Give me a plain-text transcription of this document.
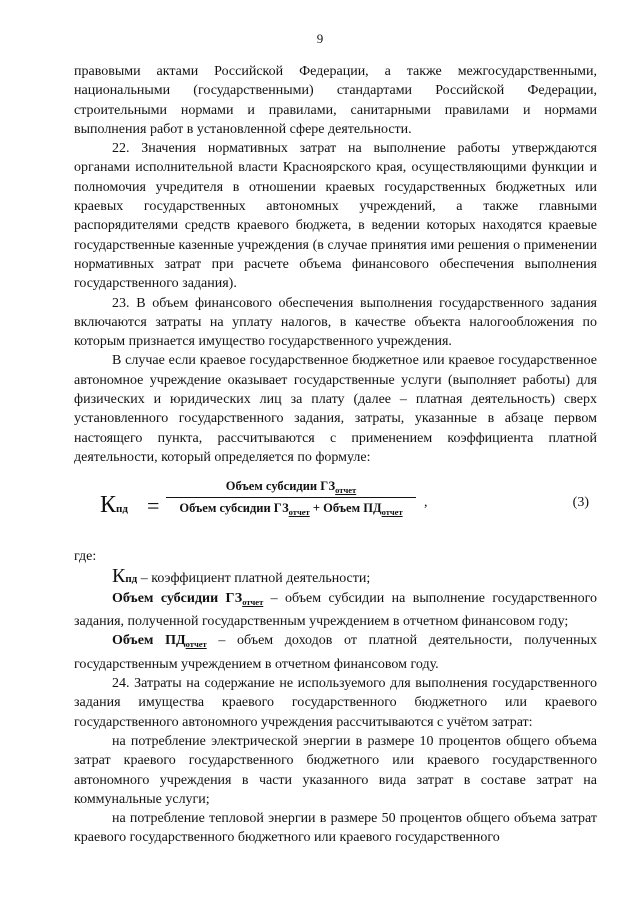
9

правовыми актами Российской Федерации, а также межгосударственными, национальными (государственными) стандартами Российской Федерации, строительными нормами и правилами, санитарными правилами и нормами выполнения работ в установленной сфере деятельности.

22. Значения нормативных затрат на выполнение работы утверждаются органами исполнительной власти Красноярского края, осуществляющими функции и полномочия учредителя в отношении краевых государственных бюджетных или краевых государственных автономных учреждений, а также главными распорядителями средств краевого бюджета, в ведении которых находятся краевые государственные казенные учреждения (в случае принятия ими решения о применении нормативных затрат при расчете объема финансового обеспечения выполнения государственного задания).

23. В объем финансового обеспечения выполнения государственного задания включаются затраты на уплату налогов, в качестве объекта налогообложения по которым признается имущество государственного учреждения.

В случае если краевое государственное бюджетное или краевое государственное автономное учреждение оказывает государственные услуги (выполняет работы) для физических и юридических лиц за плату (далее – платная деятельность) сверх установленного государственного задания, затраты, указанные в абзаце первом настоящего пункта, рассчитываются с применением коэффициента платной деятельности, который определяется по формуле:

Кпд =
Объем субсидии $ГЗ_{отчет}$
Объем субсидии $ГЗ_{отчет}$ + Объем $ПД_{отчет}$
,	(3)

где:

Кпд – коэффициент платной деятельности;

Объем субсидии $ГЗ_{отчет}$ – объем субсидии на выполнение государственного задания, полученной государственным учреждением в отчетном финансовом году;

Объем $ПД_{отчет}$ – объем доходов от платной деятельности, полученных государственным учреждением в отчетном финансовом году.

24. Затраты на содержание не используемого для выполнения государственного задания имущества краевого государственного бюджетного или краевого государственного автономного учреждения рассчитываются с учётом затрат:

на потребление электрической энергии в размере 10 процентов общего объема затрат краевого государственного бюджетного или краевого государственного автономного учреждения в части указанного вида затрат в составе затрат на коммунальные услуги;

на потребление тепловой энергии в размере 50 процентов общего объема затрат краевого государственного бюджетного или краевого государственного
